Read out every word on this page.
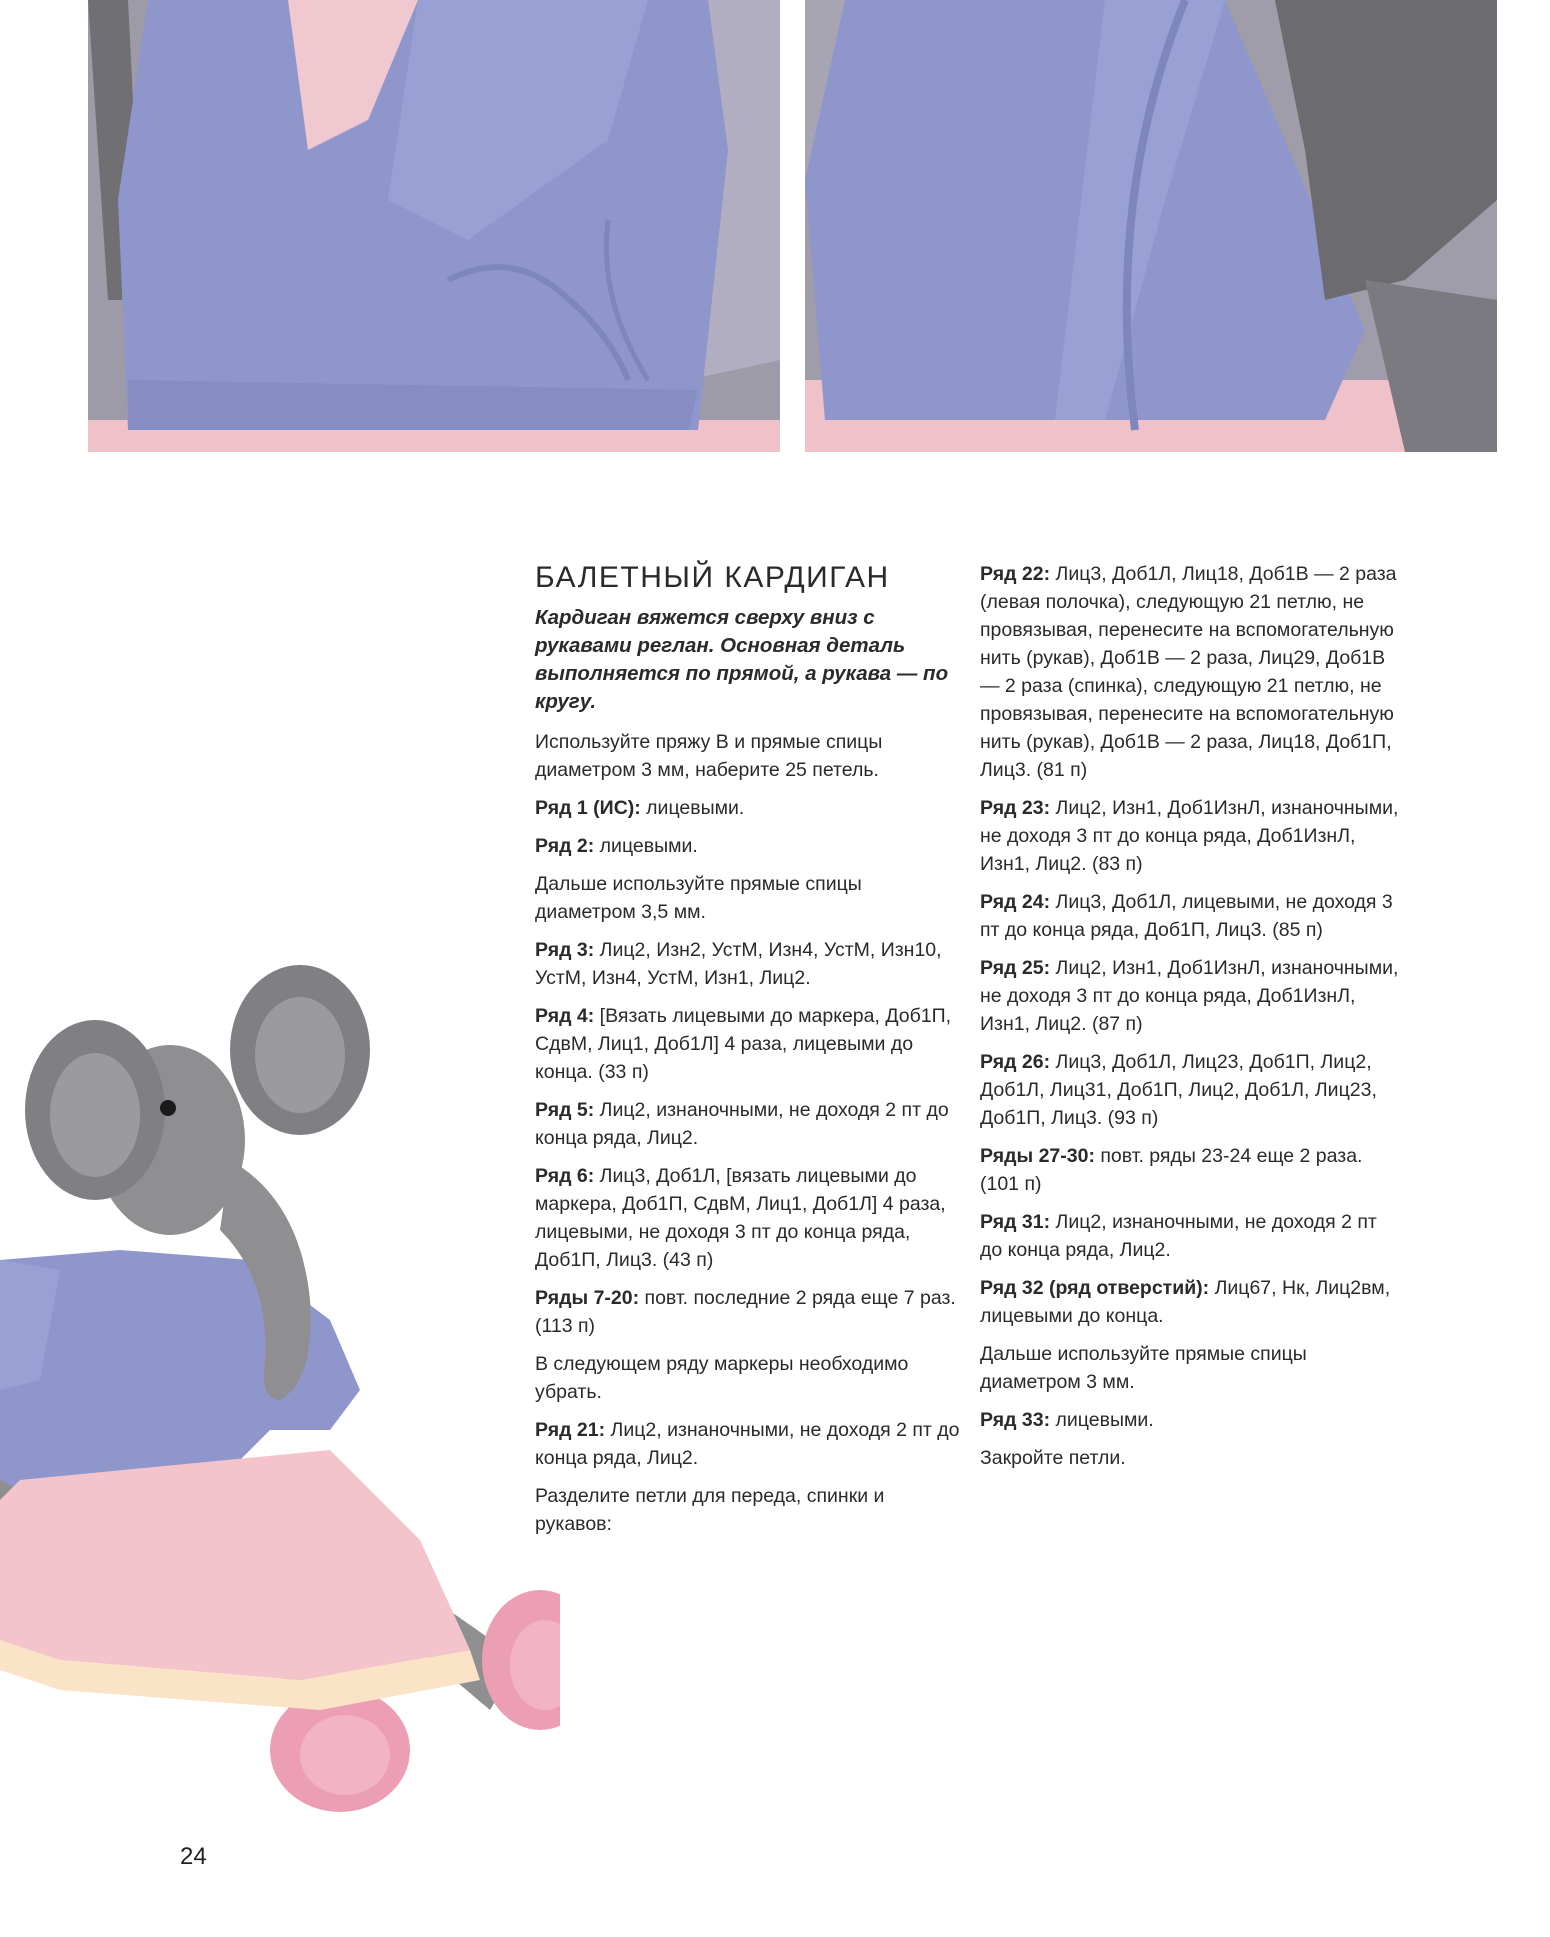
БАЛЕТНЫЙ КАРДИГАН

Кардиган вяжется сверху вниз с рукавами реглан. Основная деталь выполняется по прямой, а рукава — по кругу.

Используйте пряжу B и прямые спицы диаметром 3 мм, наберите 25 петель.

Ряд 1 (ИС): лицевыми.

Ряд 2: лицевыми.

Дальше используйте прямые спицы диаметром 3,5 мм.

Ряд 3: Лиц2, Изн2, УстМ, Изн4, УстМ, Изн10, УстМ, Изн4, УстМ, Изн1, Лиц2.

Ряд 4: [Вязать лицевыми до маркера, Доб1П, СдвМ, Лиц1, Доб1Л] 4 раза, лицевыми до конца. (33 п)

Ряд 5: Лиц2, изнаночными, не доходя 2 пт до конца ряда, Лиц2.

Ряд 6: Лиц3, Доб1Л, [вязать лицевыми до маркера, Доб1П, СдвМ, Лиц1, Доб1Л] 4 раза, лицевыми, не доходя 3 пт до конца ряда, Доб1П, Лиц3. (43 п)

Ряды 7-20: повт. последние 2 ряда еще 7 раз. (113 п)

В следующем ряду маркеры необходимо убрать.

Ряд 21: Лиц2, изнаночными, не доходя 2 пт до конца ряда, Лиц2.

Разделите петли для переда, спинки и рукавов:

Ряд 22: Лиц3, Доб1Л, Лиц18, Доб1В — 2 раза (левая полочка), следующую 21 петлю, не провязывая, перенесите на вспомогательную нить (рукав), Доб1В — 2 раза, Лиц29, Доб1В — 2 раза (спинка), следующую 21 петлю, не провязывая, перенесите на вспомогательную нить (рукав), Доб1В — 2 раза, Лиц18, Доб1П, Лиц3. (81 п)

Ряд 23: Лиц2, Изн1, Доб1ИзнЛ, изнаночными, не доходя 3 пт до конца ряда, Доб1ИзнЛ, Изн1, Лиц2. (83 п)

Ряд 24: Лиц3, Доб1Л, лицевыми, не доходя 3 пт до конца ряда, Доб1П, Лиц3. (85 п)

Ряд 25: Лиц2, Изн1, Доб1ИзнЛ, изнаночными, не доходя 3 пт до конца ряда, Доб1ИзнЛ, Изн1, Лиц2. (87 п)

Ряд 26: Лиц3, Доб1Л, Лиц23, Доб1П, Лиц2, Доб1Л, Лиц31, Доб1П, Лиц2, Доб1Л, Лиц23, Доб1П, Лиц3. (93 п)

Ряды 27-30: повт. ряды 23-24 еще 2 раза. (101 п)

Ряд 31: Лиц2, изнаночными, не доходя 2 пт до конца ряда, Лиц2.

Ряд 32 (ряд отверстий): Лиц67, Нк, Лиц2вм, лицевыми до конца.

Дальше используйте прямые спицы диаметром 3 мм.

Ряд 33: лицевыми.

Закройте петли.

24
